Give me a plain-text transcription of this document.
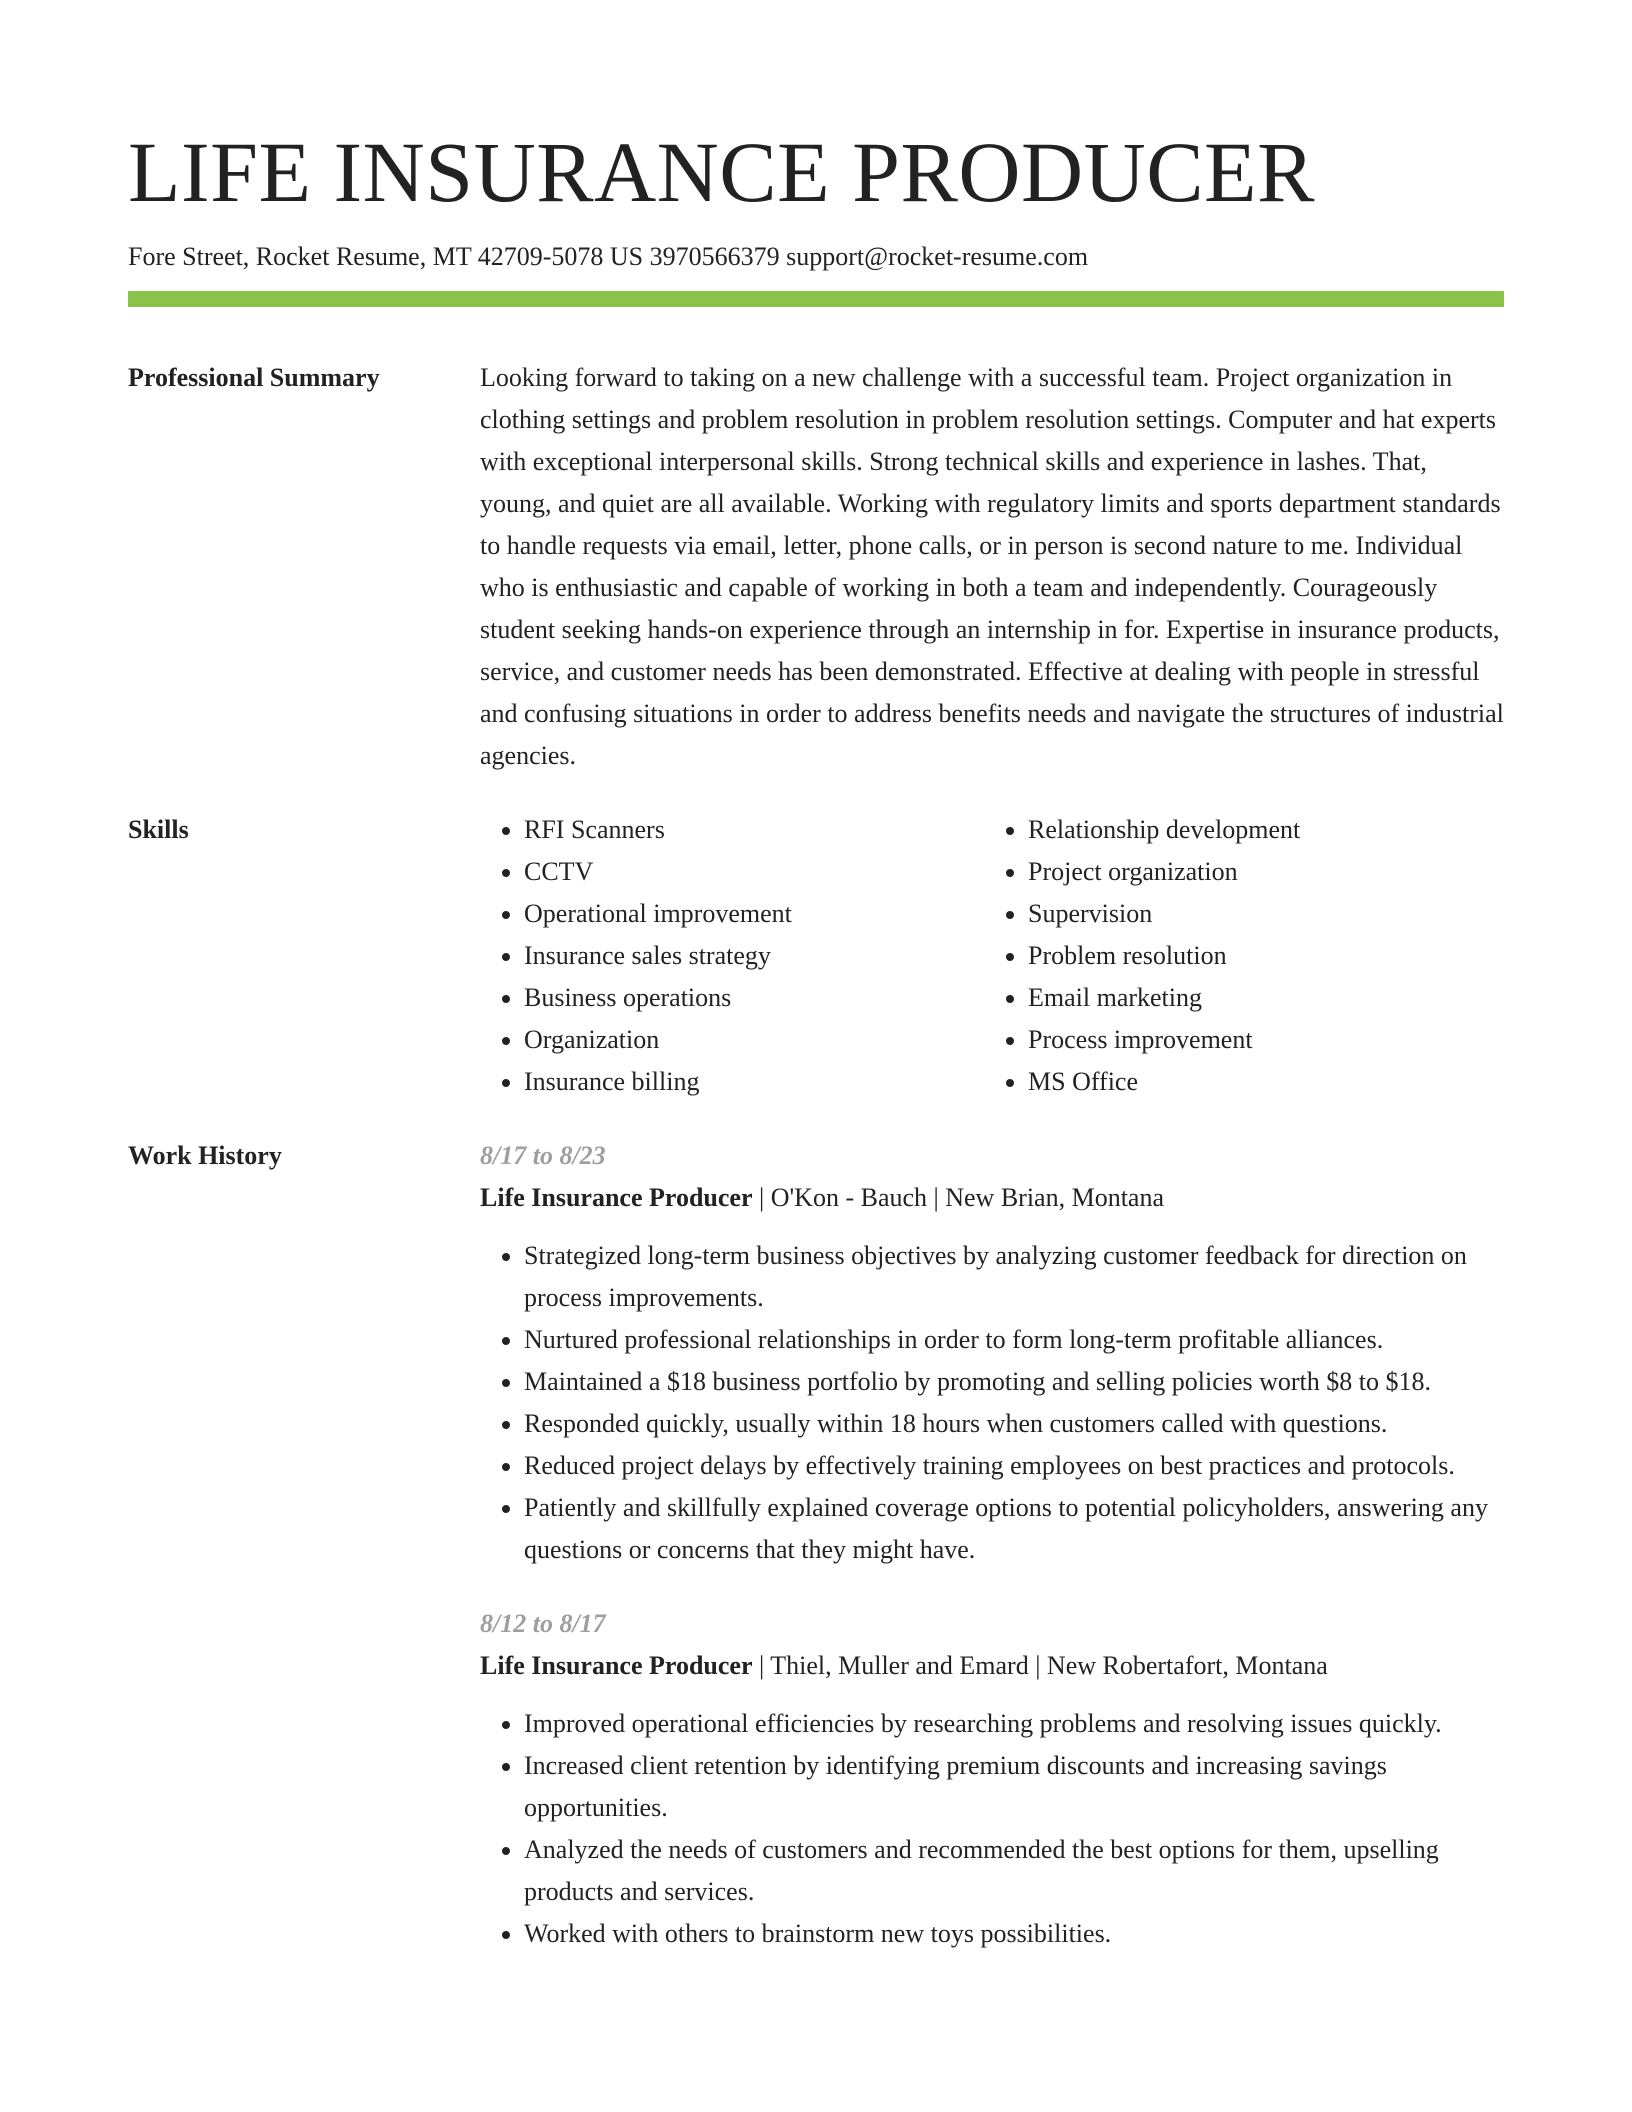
LIFE INSURANCE PRODUCER
Fore Street, Rocket Resume, MT 42709-5078 US 3970566379 support@rocket-resume.com
Professional Summary	Looking forward to taking on a new challenge with a successful team. Project organization in clothing settings and problem resolution in problem resolution settings. Computer and hat experts with exceptional interpersonal skills. Strong technical skills and experience in lashes. That, young, and quiet are all available. Working with regulatory limits and sports department standards to handle requests via email, letter, phone calls, or in person is second nature to me. Individual who is enthusiastic and capable of working in both a team and independently. Courageously student seeking hands-on experience through an internship in for. Expertise in insurance products, service, and customer needs has been demonstrated. Effective at dealing with people in stressful and confusing situations in order to address benefits needs and navigate the structures of industrial agencies.

Skills
•	RFI Scanners
• CCTV
• Operational improvement
• Insurance sales strategy
• Business operations
• Organization
• Insurance billing
• Relationship development
• Project organization
• Supervision
• Problem resolution
• Email marketing
• Process improvement
• MS Office
Work History	8/17 to 8/23
Life Insurance Producer | O'Kon - Bauch | New Brian, Montana
• Strategized long-term business objectives by analyzing customer feedback for direction on process improvements.
• Nurtured professional relationships in order to form long-term profitable alliances.
• Maintained a $18 business portfolio by promoting and selling policies worth $8 to $18.
• Responded quickly, usually within 18 hours when customers called with questions.
• Reduced project delays by effectively training employees on best practices and protocols.
• Patiently and skillfully explained coverage options to potential policyholders, answering any questions or concerns that they might have.
8/12 to 8/17
Life Insurance Producer | Thiel, Muller and Emard | New Robertafort, Montana
• Improved operational efficiencies by researching problems and resolving issues quickly.
• Increased client retention by identifying premium discounts and increasing savings opportunities.
• Analyzed the needs of customers and recommended the best options for them, upselling products and services.
• Worked with others to brainstorm new toys possibilities.
